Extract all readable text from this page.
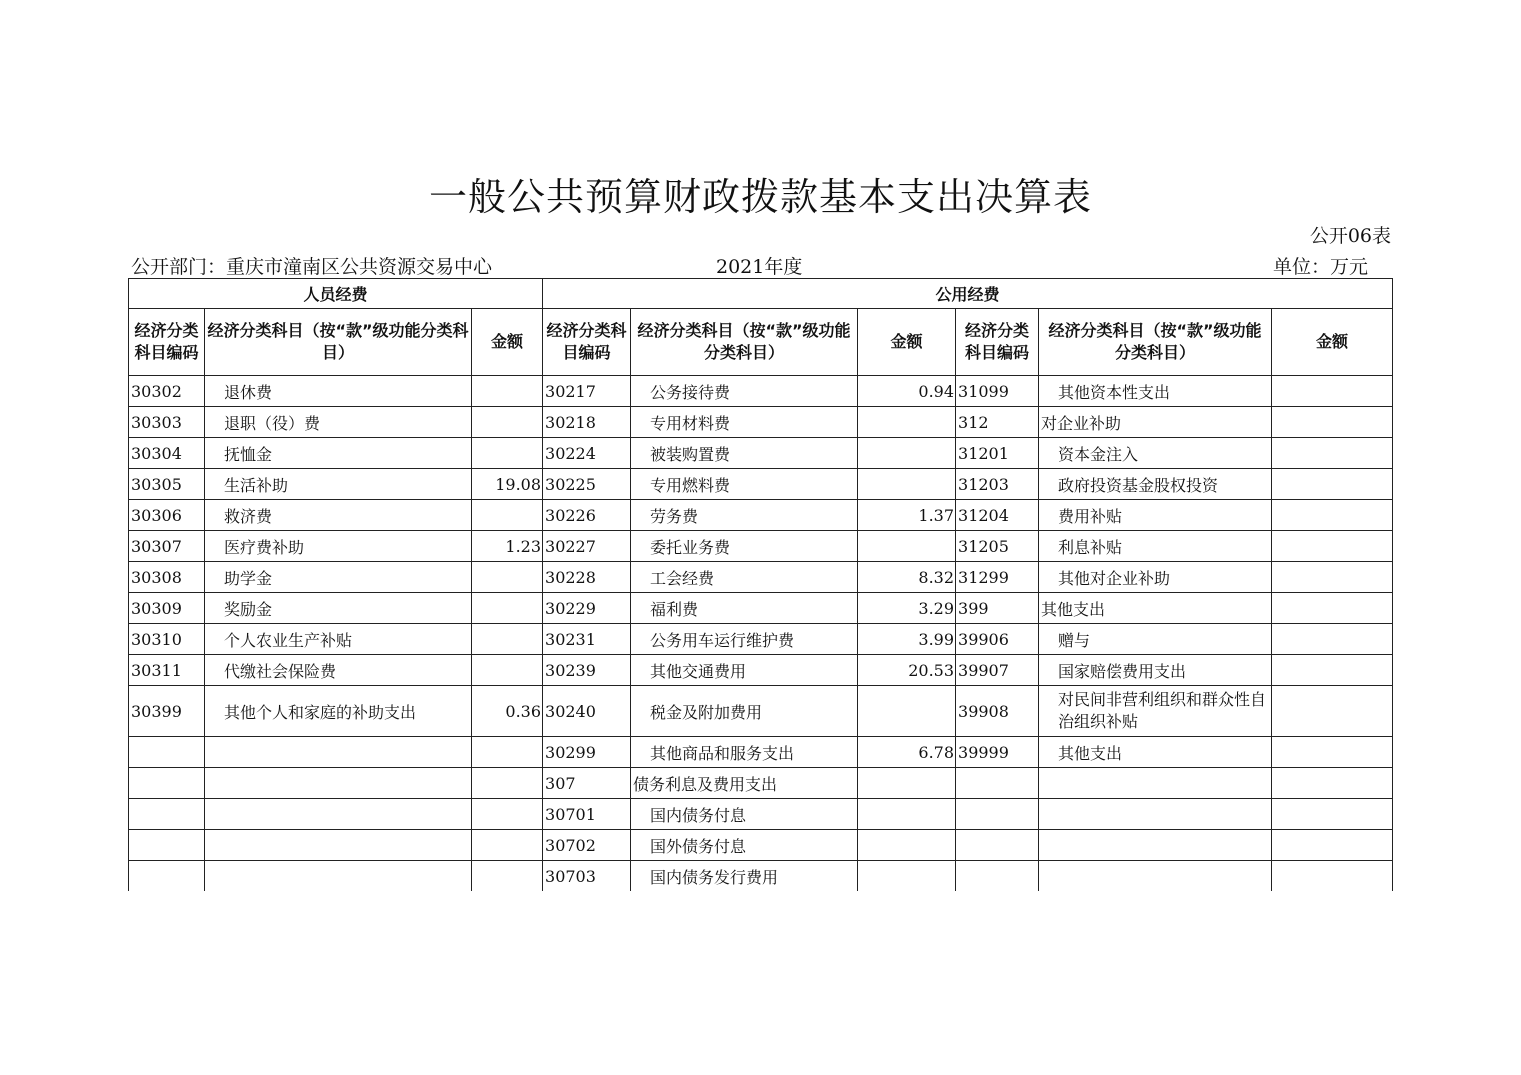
一般公共预算财政拨款基本支出决算表
公开06表
公开部门：重庆市潼南区公共资源交易中心	2021年度	单位：万元
人员经费			公用经费					
经济分类科目编码	经济分类科目（按“款”级功能分类科目）	金额	经济分类科目编码	经济分类科目（按“款”级功能分类科目）	金额	经济分类科目编码	经济分类科目（按“款”级功能分类科目）	金额
30302	退休费		30217	公务接待费	0.94	31099	其他资本性支出	
30303	退职（役）费		30218	专用材料费		312	对企业补助	
30304	抚恤金		30224	被装购置费		31201	资本金注入	
30305	生活补助	19.08	30225	专用燃料费		31203	政府投资基金股权投资	
30306	救济费		30226	劳务费	1.37	31204	费用补贴	
30307	医疗费补助	1.23	30227	委托业务费		31205	利息补贴	
30308	助学金		30228	工会经费	8.32	31299	其他对企业补助	
30309	奖励金		30229	福利费	3.29	399	其他支出	
30310	个人农业生产补贴		30231	公务用车运行维护费	3.99	39906	赠与	
30311	代缴社会保险费		30239	其他交通费用	20.53	39907	国家赔偿费用支出	
30399	其他个人和家庭的补助支出	0.36	30240	税金及附加费用		39908	对民间非营利组织和群众性自治组织补贴	
			30299	其他商品和服务支出	6.78	39999	其他支出	
			307	债务利息及费用支出				
			30701	国内债务付息				
			30702	国外债务付息				
			30703	国内债务发行费用				
